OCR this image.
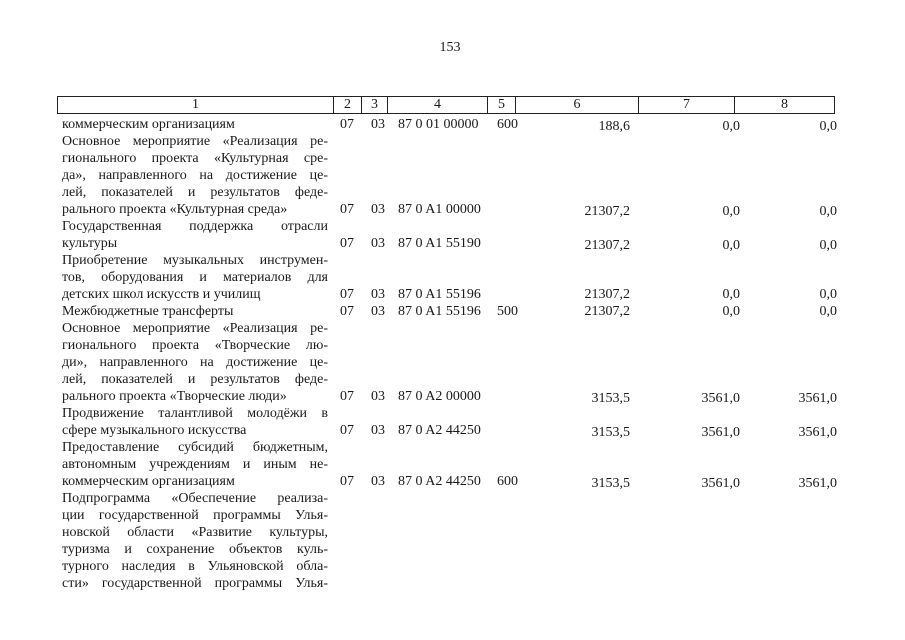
153
1	2	3	4	5	6	7	8
коммерческим организациям	07 03 87 0 01 00000 600	188,6	0,0	0,0
Основное мероприятие «Реализация ре-
гионального проекта «Культурная сре-
да», направленного на достижение це-
лей, показателей и результатов феде-
рального проекта «Культурная среда»	07 03 87 0 A1 00000	21307,2	0,0	0,0
Государственная поддержка отрасли
культуры	07 03 87 0 A1 55190	21307,2	0,0	0,0
Приобретение музыкальных инструмен-
тов, оборудования и материалов для
детских школ искусств и училищ	07 03 87 0 A1 55196	21307,2	0,0	0,0
Межбюджетные трансферты	07 03 87 0 A1 55196 500	21307,2	0,0	0,0
Основное мероприятие «Реализация ре-
гионального проекта «Творческие лю-
ди», направленного на достижение це-
лей, показателей и результатов феде-
рального проекта «Творческие люди»	07 03 87 0 A2 00000	3153,5	3561,0	3561,0
Продвижение талантливой молодёжи в
сфере музыкального искусства	07 03 87 0 A2 44250	3153,5	3561,0	3561,0
Предоставление субсидий бюджетным,
автономным учреждениям и иным не-
коммерческим организациям	07 03 87 0 A2 44250 600	3153,5	3561,0	3561,0
Подпрограмма «Обеспечение реализа-
ции государственной программы Улья-
новской области «Развитие культуры,
туризма и сохранение объектов куль-
турного наследия в Ульяновской обла-
сти» государственной программы Улья-
